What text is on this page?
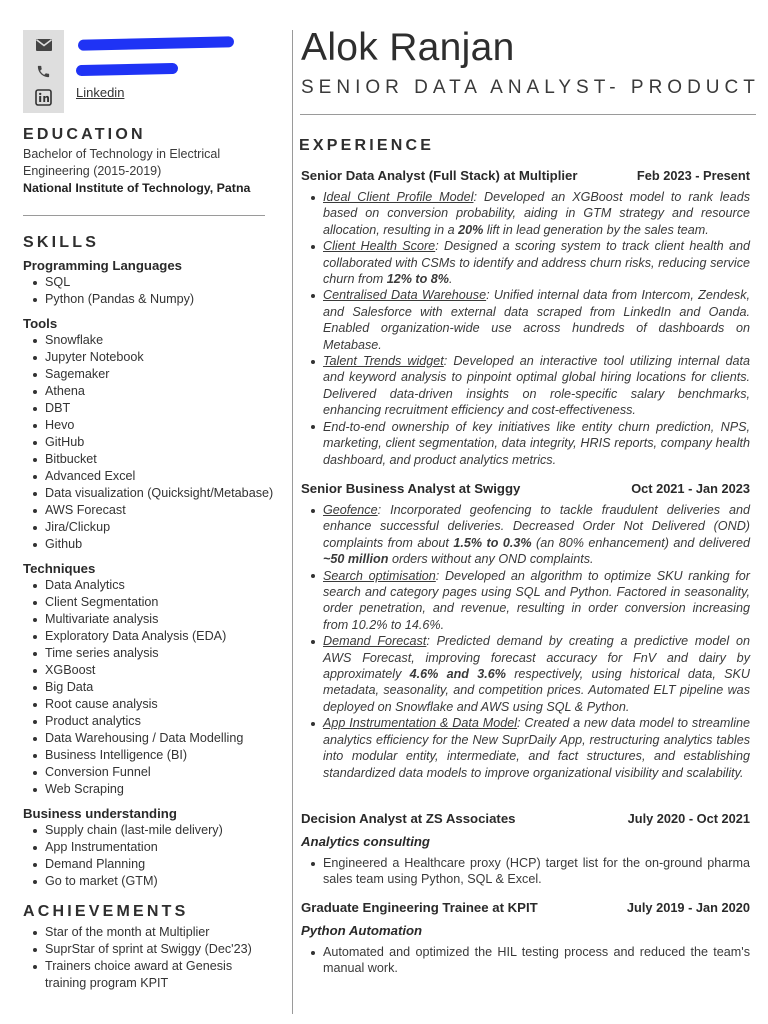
Linkedin
EDUCATION
Bachelor of Technology in Electrical Engineering (2015-2019)
National Institute of Technology, Patna
SKILLS
Programming Languages
SQL
Python (Pandas & Numpy)
Tools
Snowflake
Jupyter Notebook
Sagemaker
Athena
DBT
Hevo
GitHub
Bitbucket
Advanced Excel
Data visualization (Quicksight/Metabase)
AWS Forecast
Jira/Clickup
Github
Techniques
Data Analytics
Client Segmentation
Multivariate analysis
Exploratory Data Analysis (EDA)
Time series analysis
XGBoost
Big Data
Root cause analysis
Product analytics
Data Warehousing / Data Modelling
Business Intelligence (BI)
Conversion Funnel
Web Scraping
Business understanding
Supply chain (last-mile delivery)
App Instrumentation
Demand Planning
Go to market (GTM)
ACHIEVEMENTS
Star of the month at Multiplier
SuprStar of sprint at Swiggy (Dec'23)
Trainers choice award at Genesis training program KPIT
Alok Ranjan
SENIOR DATA ANALYST- PRODUCT
EXPERIENCE
Senior Data Analyst (Full Stack) at Multiplier	Feb 2023 - Present
Ideal Client Profile Model: Developed an XGBoost model to rank leads based on conversion probability, aiding in GTM strategy and resource allocation, resulting in a 20% lift in lead generation by the sales team.
Client Health Score: Designed a scoring system to track client health and collaborated with CSMs to identify and address churn risks, reducing service churn from 12% to 8%.
Centralised Data Warehouse: Unified internal data from Intercom, Zendesk, and Salesforce with external data scraped from LinkedIn and Oanda. Enabled organization-wide use across hundreds of dashboards on Metabase.
Talent Trends widget: Developed an interactive tool utilizing internal data and keyword analysis to pinpoint optimal global hiring locations for clients. Delivered data-driven insights on role-specific salary benchmarks, enhancing recruitment efficiency and cost-effectiveness.
End-to-end ownership of key initiatives like entity churn prediction, NPS, marketing, client segmentation, data integrity, HRIS reports, company health dashboard, and product analytics metrics.
Senior Business Analyst at Swiggy	Oct 2021 - Jan 2023
Geofence: Incorporated geofencing to tackle fraudulent deliveries and enhance successful deliveries. Decreased Order Not Delivered (OND) complaints from about 1.5% to 0.3% (an 80% enhancement) and delivered ~50 million orders without any OND complaints.
Search optimisation: Developed an algorithm to optimize SKU ranking for search and category pages using SQL and Python. Factored in seasonality, order penetration, and revenue, resulting in order conversion increasing from 10.2% to 14.6%.
Demand Forecast: Predicted demand by creating a predictive model on AWS Forecast, improving forecast accuracy for FnV and dairy by approximately 4.6% and 3.6% respectively, using historical data, SKU metadata, seasonality, and competition prices. Automated ELT pipeline was deployed on Snowflake and AWS using SQL & Python.
App Instrumentation & Data Model: Created a new data model to streamline analytics efficiency for the New SuprDaily App, restructuring analytics tables into modular entity, intermediate, and fact structures, and establishing standardized data models to improve organizational visibility and scalability.
Decision Analyst at ZS Associates	July 2020 - Oct 2021
Analytics consulting
Engineered a Healthcare proxy (HCP) target list for the on-ground pharma sales team using Python, SQL & Excel.
Graduate Engineering Trainee at KPIT	July 2019 - Jan 2020
Python Automation
Automated and optimized the HIL testing process and reduced the team's manual work.
